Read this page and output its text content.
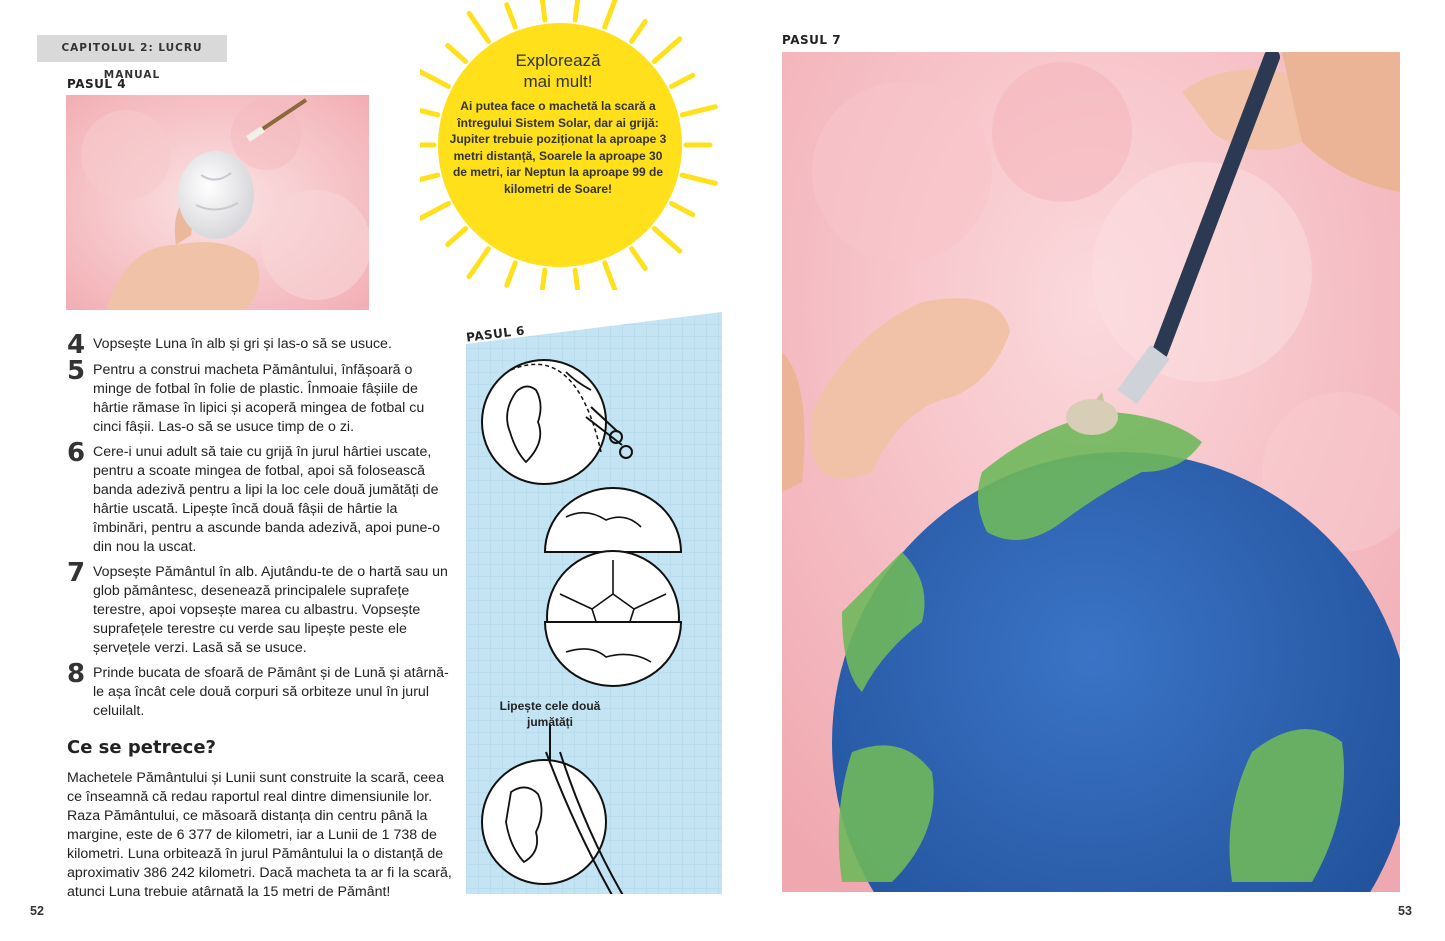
CAPITOLUL 2: LUCRU MANUAL
PASUL 4
Explorează
mai mult!
Ai putea face o machetă la scară a întregului Sistem Solar, dar ai grijă: Jupiter trebuie poziționat la aproape 3 metri distanță, Soarele la aproape 30 de metri, iar Neptun la aproape 99 de kilometri de Soare!
4 Vopsește Luna în alb și gri și las-o să se usuce.
5 Pentru a construi macheta Pământului, înfășoară o minge de fotbal în folie de plastic. Înmoaie fâșiile de hârtie rămase în lipici și acoperă mingea de fotbal cu cinci fâșii. Las-o să se usuce timp de o zi.
6 Cere-i unui adult să taie cu grijă în jurul hârtiei uscate, pentru a scoate mingea de fotbal, apoi să folosească banda adezivă pentru a lipi la loc cele două jumătăți de hârtie uscată. Lipește încă două fâșii de hârtie la îmbinări, pentru a ascunde banda adezivă, apoi pune-o din nou la uscat.
7 Vopsește Pământul în alb. Ajutându-te de o hartă sau un glob pământesc, desenează principalele suprafețe terestre, apoi vopsește marea cu albastru. Vopsește suprafețele terestre cu verde sau lipește peste ele șervețele verzi. Lasă să se usuce.
8 Prinde bucata de sfoară de Pământ și de Lună și atârnă-le așa încât cele două corpuri să orbiteze unul în jurul celuilalt.
Ce se petrece?
Machetele Pământului și Lunii sunt construite la scară, ceea ce înseamnă că redau raportul real dintre dimensiunile lor. Raza Pământului, ce măsoară distanța din centru până la margine, este de 6 377 de kilometri, iar a Lunii de 1 738 de kilometri. Luna orbitează în jurul Pământului la o distanță de aproximativ 386 242 kilometri. Dacă macheta ta ar fi la scară, atunci Luna trebuie atârnată la 15 metri de Pământ!
52	53
PASUL 6
Lipește cele două
jumătăți
PASUL 7
